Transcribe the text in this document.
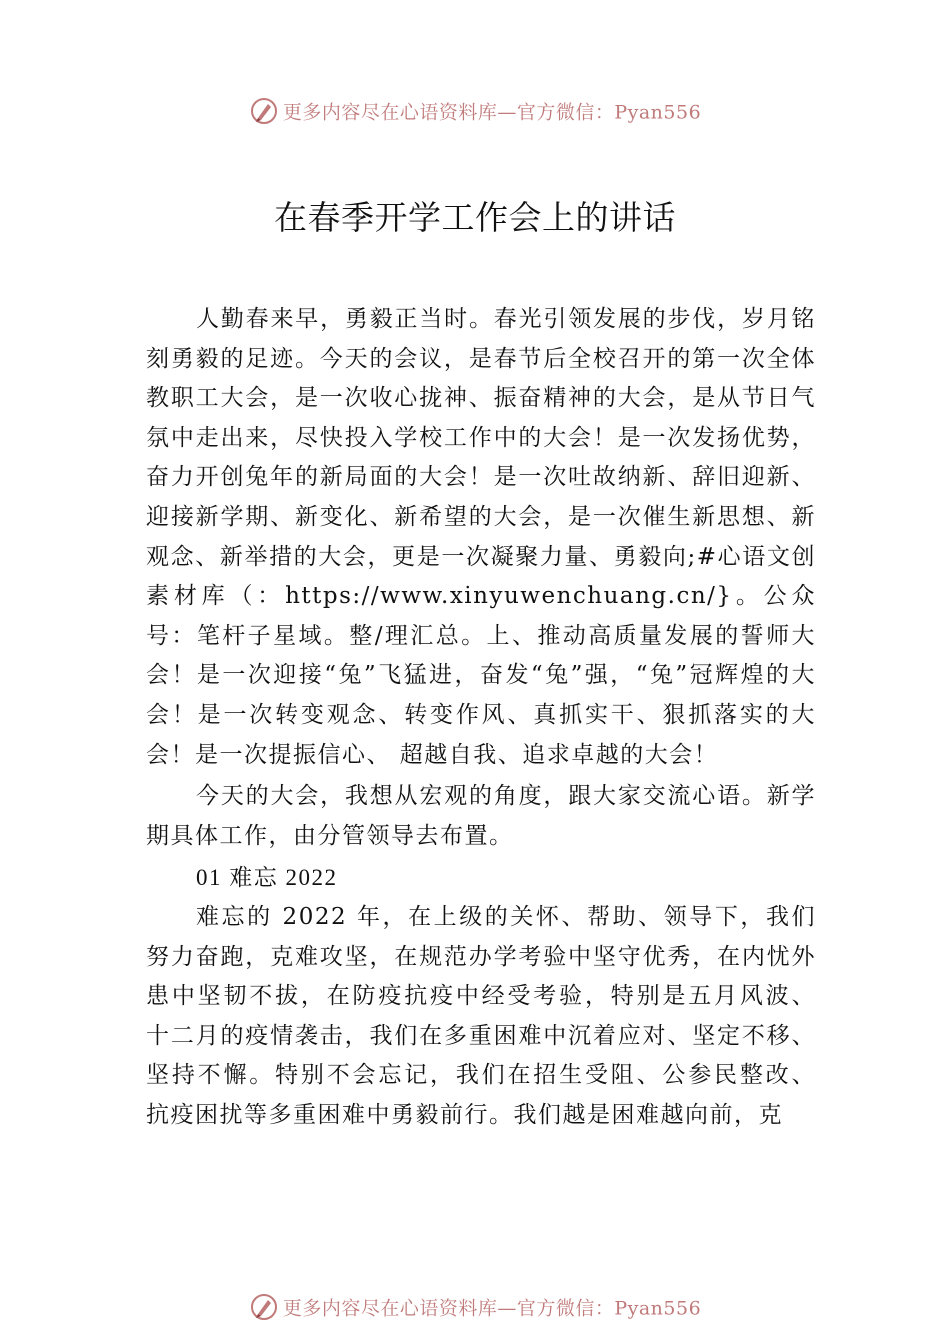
更多内容尽在心语资料库—官方微信：Pyan556
在春季开学工作会上的讲话

人勤春来早，勇毅正当时。春光引领发展的步伐，岁月铭刻勇毅的足迹。今天的会议，是春节后全校召开的第一次全体教职工大会，是一次收心拢神、振奋精神的大会，是从节日气氛中走出来，尽快投入学校工作中的大会！是一次发扬优势，奋力开创兔年的新局面的大会！是一次吐故纳新、辞旧迎新、迎接新学期、新变化、新希望的大会，是一次催生新思想、新观念、新举措的大会，更是一次凝聚力量、勇毅向;#心语文创素材库（：https://www.xinyuwenchuang.cn/}。公众号：笔杆子星域。整/理汇总。上、推动高质量发展的誓师大会！是一次迎接“兔”飞猛进，奋发“兔”强，“兔”冠辉煌的大会！是一次转变观念、转变作风、真抓实干、狠抓落实的大会！是一次提振信心、 超越自我、追求卓越的大会！

今天的大会，我想从宏观的角度，跟大家交流心语。新学期具体工作，由分管领导去布置。

01 难忘 2022

难忘的 2022 年，在上级的关怀、帮助、领导下，我们努力奋跑，克难攻坚，在规范办学考验中坚守优秀，在内忧外患中坚韧不拔，在防疫抗疫中经受考验，特别是五月风波、 十二月的疫情袭击，我们在多重困难中沉着应对、坚定不移、坚持不懈。特别不会忘记，我们在招生受阻、公参民整改、 抗疫困扰等多重困难中勇毅前行。我们越是困难越向前，克

更多内容尽在心语资料库—官方微信：Pyan556
